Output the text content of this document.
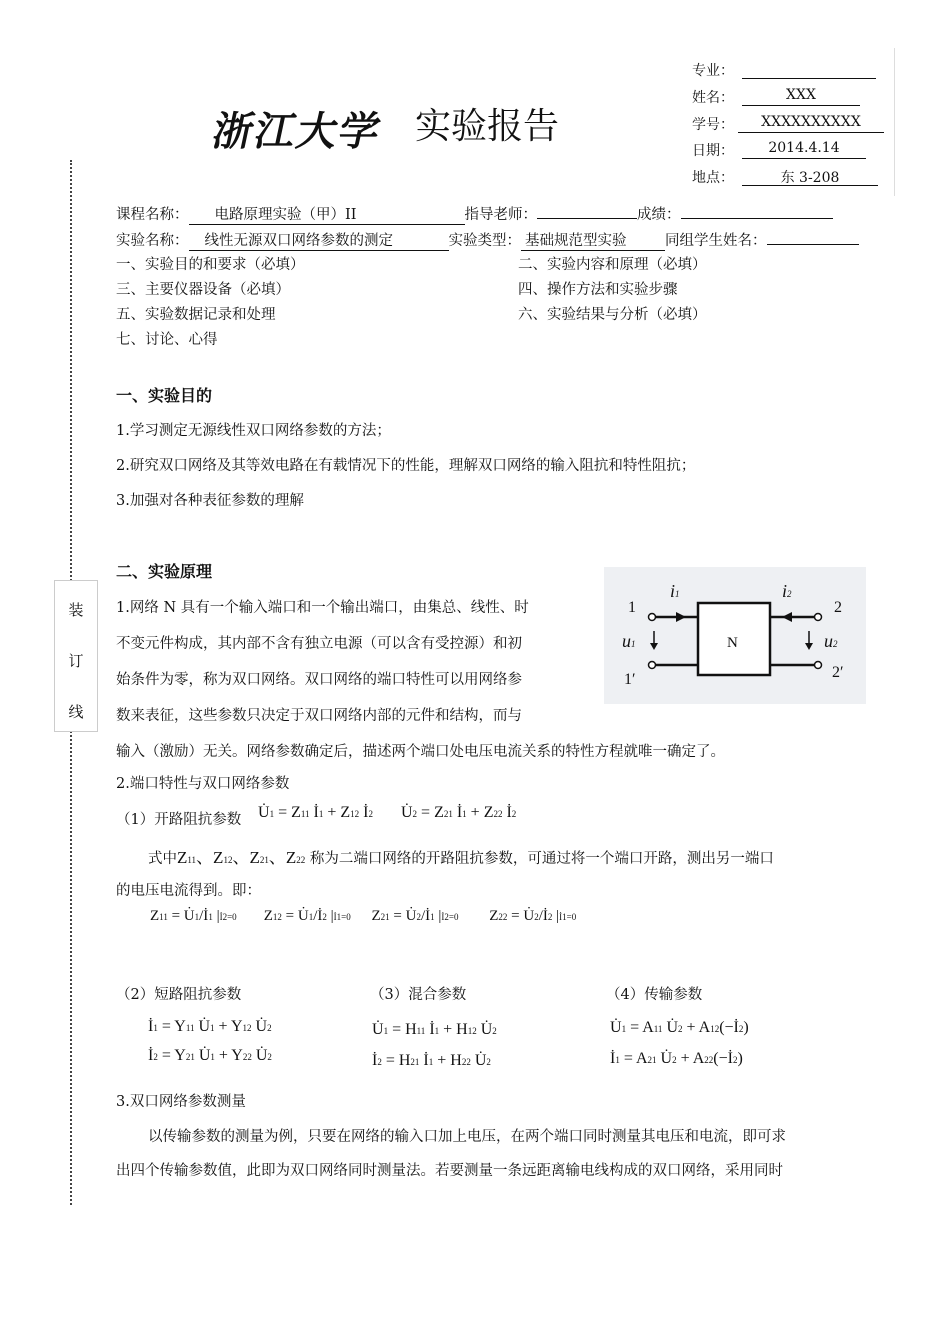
浙江大学 实验报告
专业：
姓名：	XXX
学号：	XXXXXXXXXX
日期：	2014.4.14
地点：	东 3-208
装
订
线
课程名称： 电路原理实验（甲）II	指导老师：	成绩：
实验名称： 线性无源双口网络参数的测定	实验类型： 基础规范型实验	同组学生姓名：
一、实验目的和要求（必填）
三、主要仪器设备（必填）
五、实验数据记录和处理
七、讨论、心得
二、实验内容和原理（必填）
四、操作方法和实验步骤
六、实验结果与分析（必填）
一、实验目的
1.学习测定无源线性双口网络参数的方法；
2.研究双口网络及其等效电路在有载情况下的性能，理解双口网络的输入阻抗和特性阻抗；
3.加强对各种表征参数的理解
二、实验原理
1.网络 N 具有一个输入端口和一个输出端口，由集总、线性、时
不变元件构成，其内部不含有独立电源（可以含有受控源）和初
始条件为零，称为双口网络。双口网络的端口特性可以用网络参
数来表征，这些参数只决定于双口网络内部的元件和结构，而与
输入（激励）无关。网络参数确定后，描述两个端口处电压电流关系的特性方程就唯一确定了。
1
1′
2
2′
i1	i2
u1	u2
N
2.端口特性与双口网络参数
（1）开路阻抗参数 U̇1 = Z11 İ1 + Z12 İ2       U̇2 = Z21 İ1 + Z22 İ2
式中Z11、Z12、Z21、Z22 称为二端口网络的开路阻抗参数，可通过将一个端口开路，测出另一端口
的电压电流得到。即：
Z11 = U̇1/İ1 |İ2=0 Z12 = U̇1/İ2 |İ1=0 Z21 = U̇2/İ1 |İ2=0 Z22 = U̇2/İ2 |İ1=0
（2）短路阻抗参数	（3）混合参数	（4）传输参数
İ1 = Y11 U̇1 + Y12 U̇2
İ2 = Y21 U̇1 + Y22 U̇2
U̇1 = H11 İ1 + H12 U̇2
İ2 = H21 İ1 + H22 U̇2
U̇1 = A11 U̇2 + A12(−İ2)
İ1 = A21 U̇2 + A22(−İ2)
3.双口网络参数测量
以传输参数的测量为例，只要在网络的输入口加上电压，在两个端口同时测量其电压和电流，即可求
出四个传输参数值，此即为双口网络同时测量法。若要测量一条远距离输电线构成的双口网络，采用同时
